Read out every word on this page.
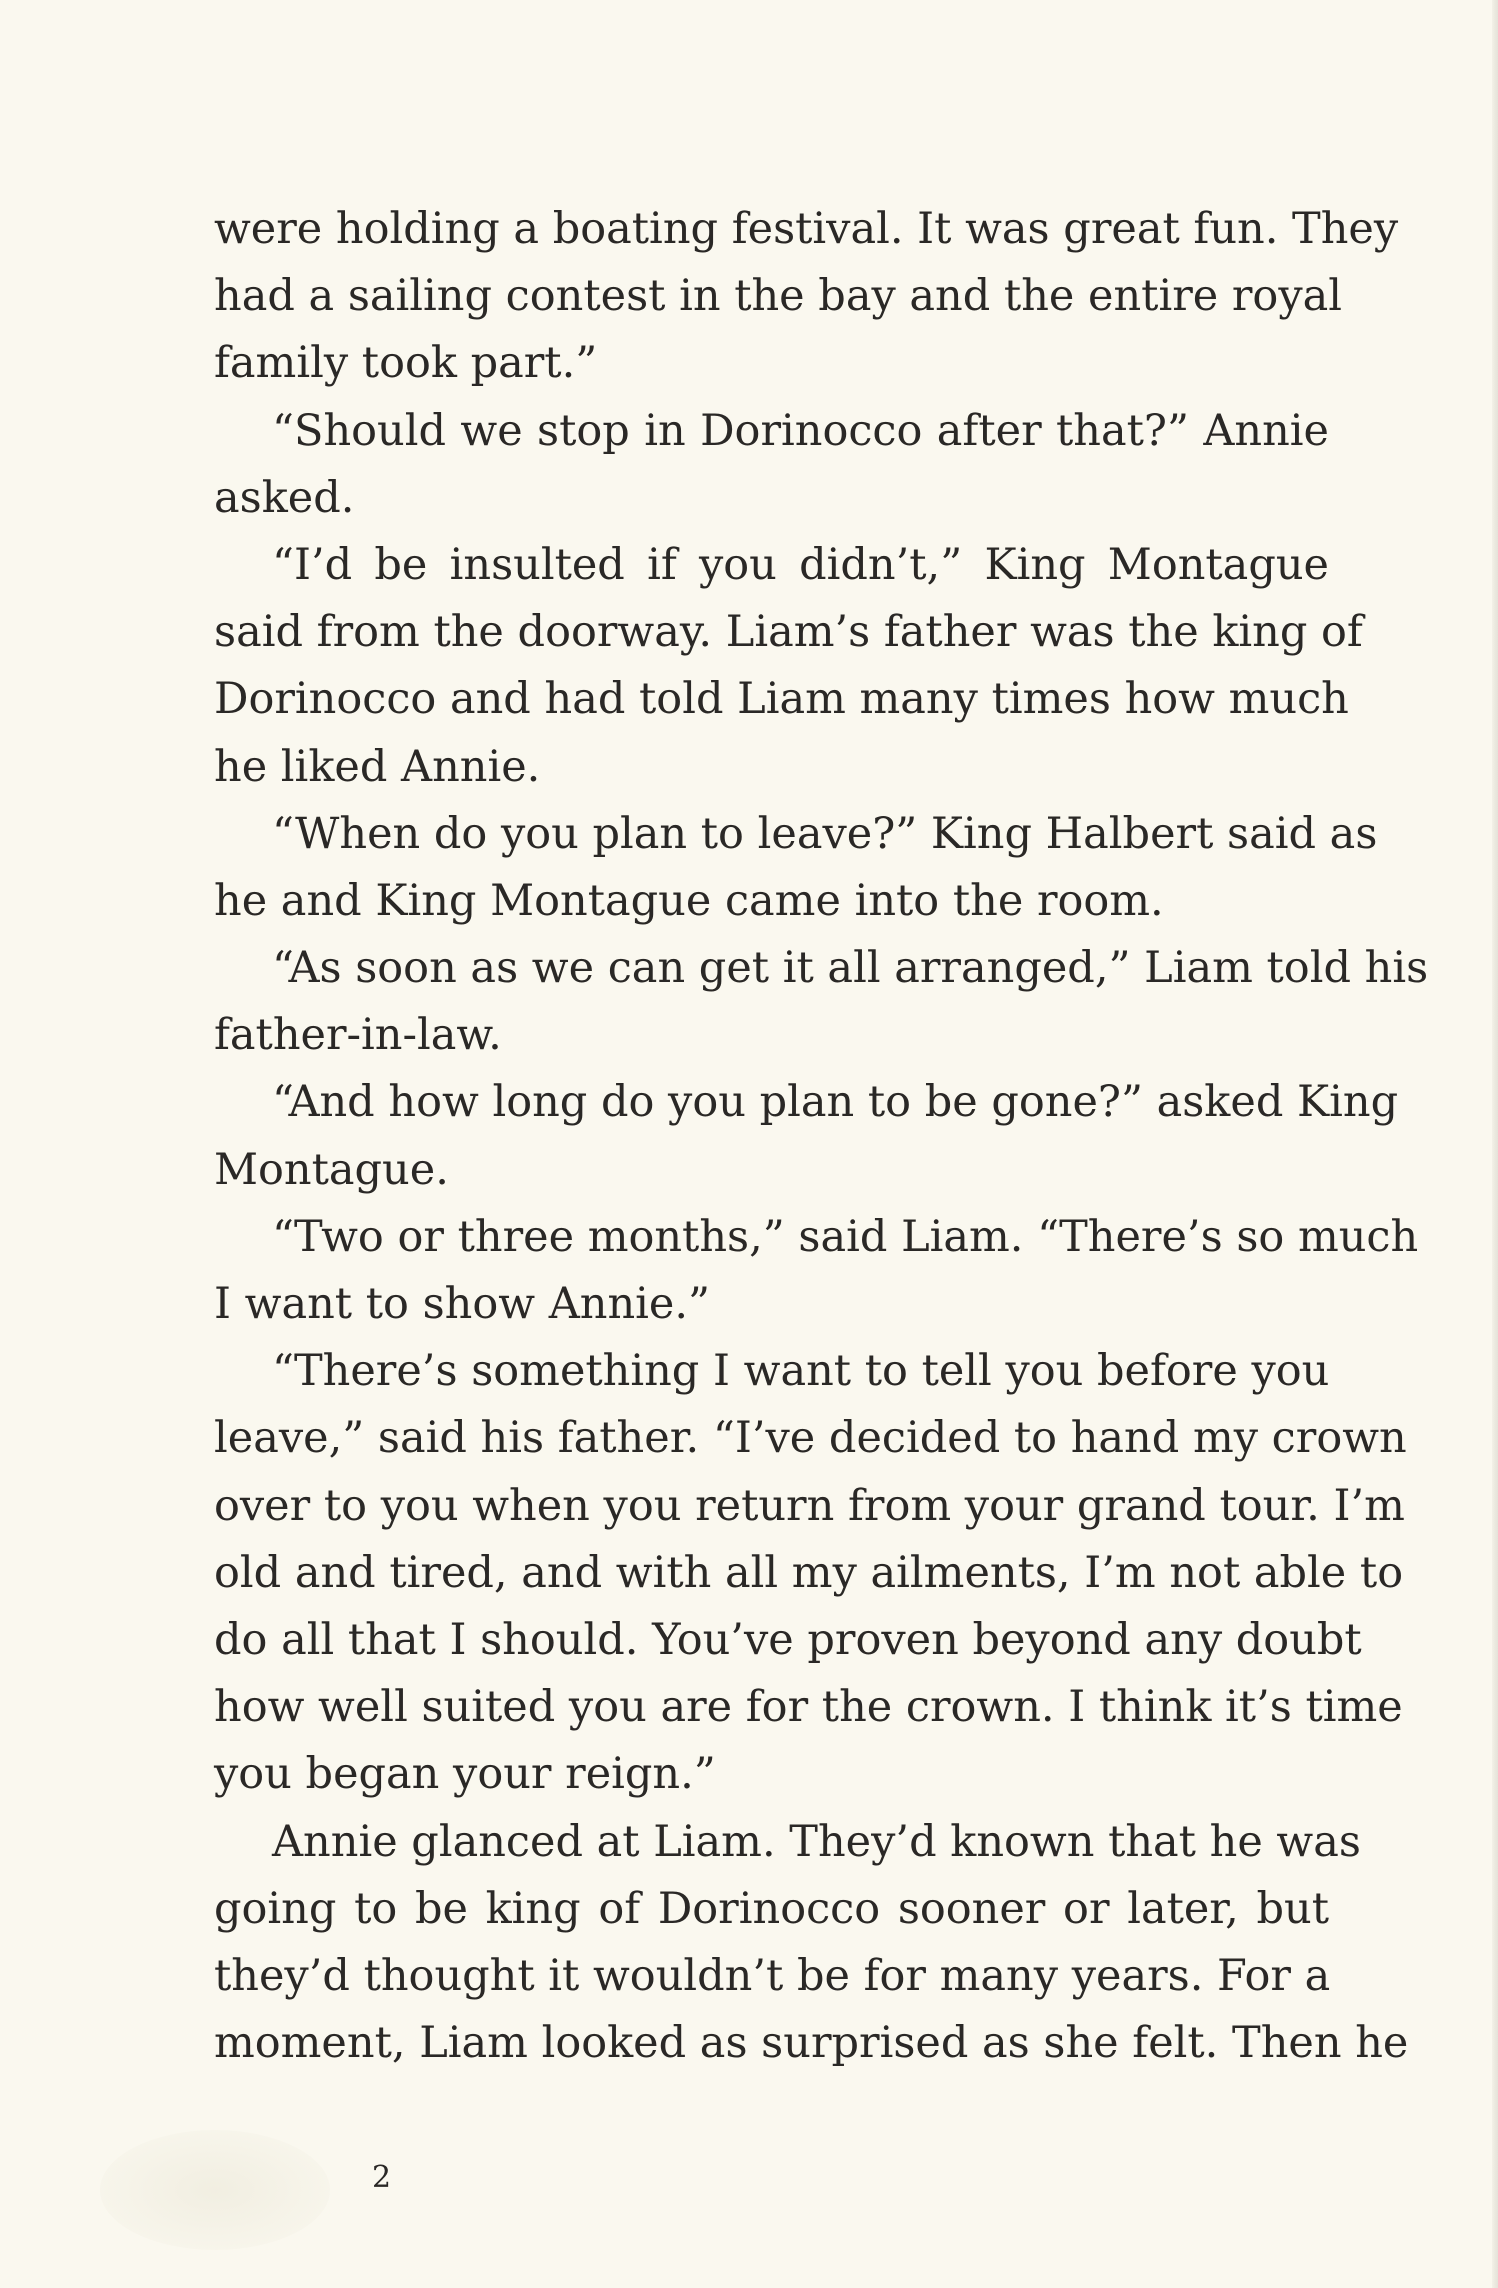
were holding a boating festival. It was great fun. They
had a sailing contest in the bay and the entire royal
family took part.”
“Should we stop in Dorinocco after that?” Annie
asked.
“I’d be insulted if you didn’t,” King Montague
said from the doorway. Liam’s father was the king of
Dorinocco and had told Liam many times how much
he liked Annie.
“When do you plan to leave?” King Halbert said as
he and King Montague came into the room.
“As soon as we can get it all arranged,” Liam told his
father-in-law.
“And how long do you plan to be gone?” asked King
Montague.
“Two or three months,” said Liam. “There’s so much
I want to show Annie.”
“There’s something I want to tell you before you
leave,” said his father. “I’ve decided to hand my crown
over to you when you return from your grand tour. I’m
old and tired, and with all my ailments, I’m not able to
do all that I should. You’ve proven beyond any doubt
how well suited you are for the crown. I think it’s time
you began your reign.”
Annie glanced at Liam. They’d known that he was
going to be king of Dorinocco sooner or later, but
they’d thought it wouldn’t be for many years. For a
moment, Liam looked as surprised as she felt. Then he
2
